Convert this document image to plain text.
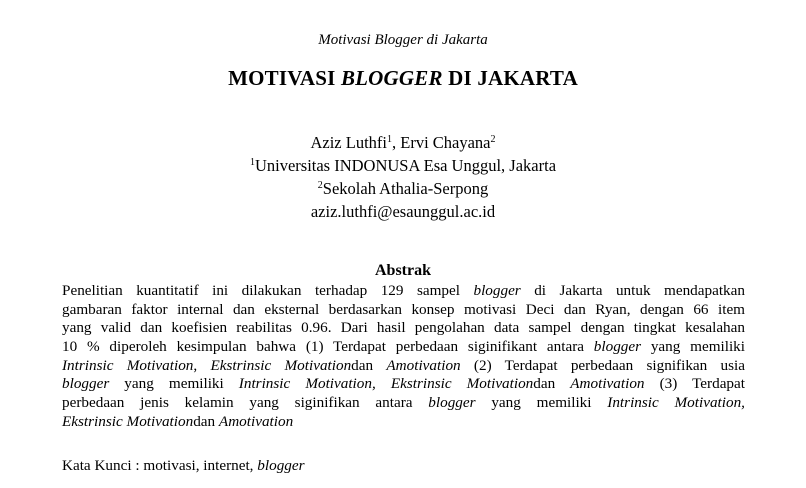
Motivasi Blogger di Jakarta
MOTIVASI BLOGGER DI JAKARTA
Aziz Luthfi$^1$, Ervi Chayana$^2$
$^1$Universitas INDONUSA Esa Unggul, Jakarta
$^2$Sekolah Athalia-Serpong
aziz.luthfi@esaunggul.ac.id
Abstrak
Penelitian kuantitatif ini dilakukan terhadap 129 sampel blogger di Jakarta untuk mendapatkan
gambaran faktor internal dan eksternal berdasarkan konsep motivasi Deci dan Ryan, dengan 66 item
yang valid dan koefisien reabilitas 0.96. Dari hasil pengolahan data sampel dengan tingkat kesalahan
10 % diperoleh kesimpulan bahwa (1) Terdapat perbedaan siginifikant antara blogger yang memiliki
Intrinsic Motivation, Ekstrinsic Motivationdan Amotivation (2) Terdapat perbedaan signifikan usia
blogger yang memiliki Intrinsic Motivation, Ekstrinsic Motivationdan Amotivation (3) Terdapat
perbedaan jenis kelamin yang siginifikan antara blogger yang memiliki Intrinsic Motivation,
Ekstrinsic Motivationdan Amotivation
Kata Kunci : motivasi, internet, blogger
